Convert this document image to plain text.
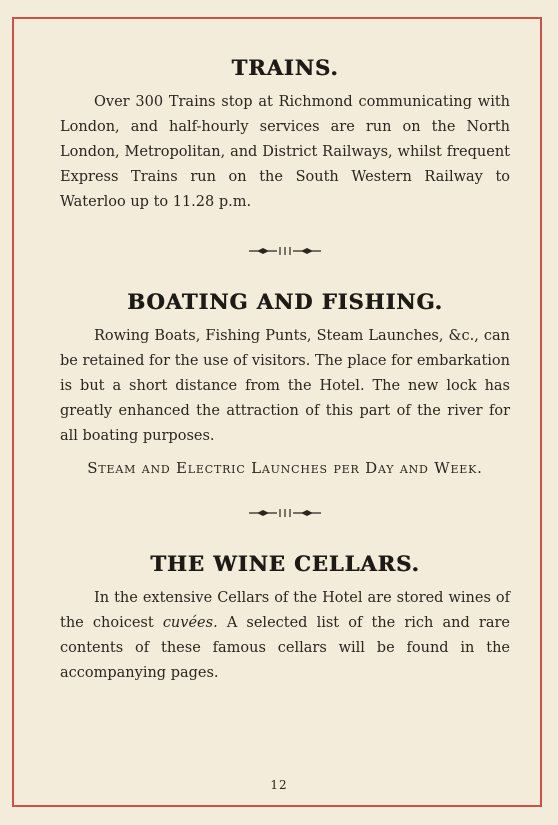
TRAINS.

Over 300 Trains stop at Richmond communicating with London, and half-hourly services are run on the North London, Metropolitan, and District Railways, whilst frequent Express Trains run on the South Western Railway to Waterloo up to 11.28 p.m.

BOATING AND FISHING.

Rowing Boats, Fishing Punts, Steam Launches, &c., can be retained for the use of visitors. The place for embarkation is but a short distance from the Hotel. The new lock has greatly enhanced the attraction of this part of the river for all boating purposes.

Steam and Electric Launches per Day and Week.

THE WINE CELLARS.

In the extensive Cellars of the Hotel are stored wines of the choicest cuvées. A selected list of the rich and rare contents of these famous cellars will be found in the accompanying pages.

12
